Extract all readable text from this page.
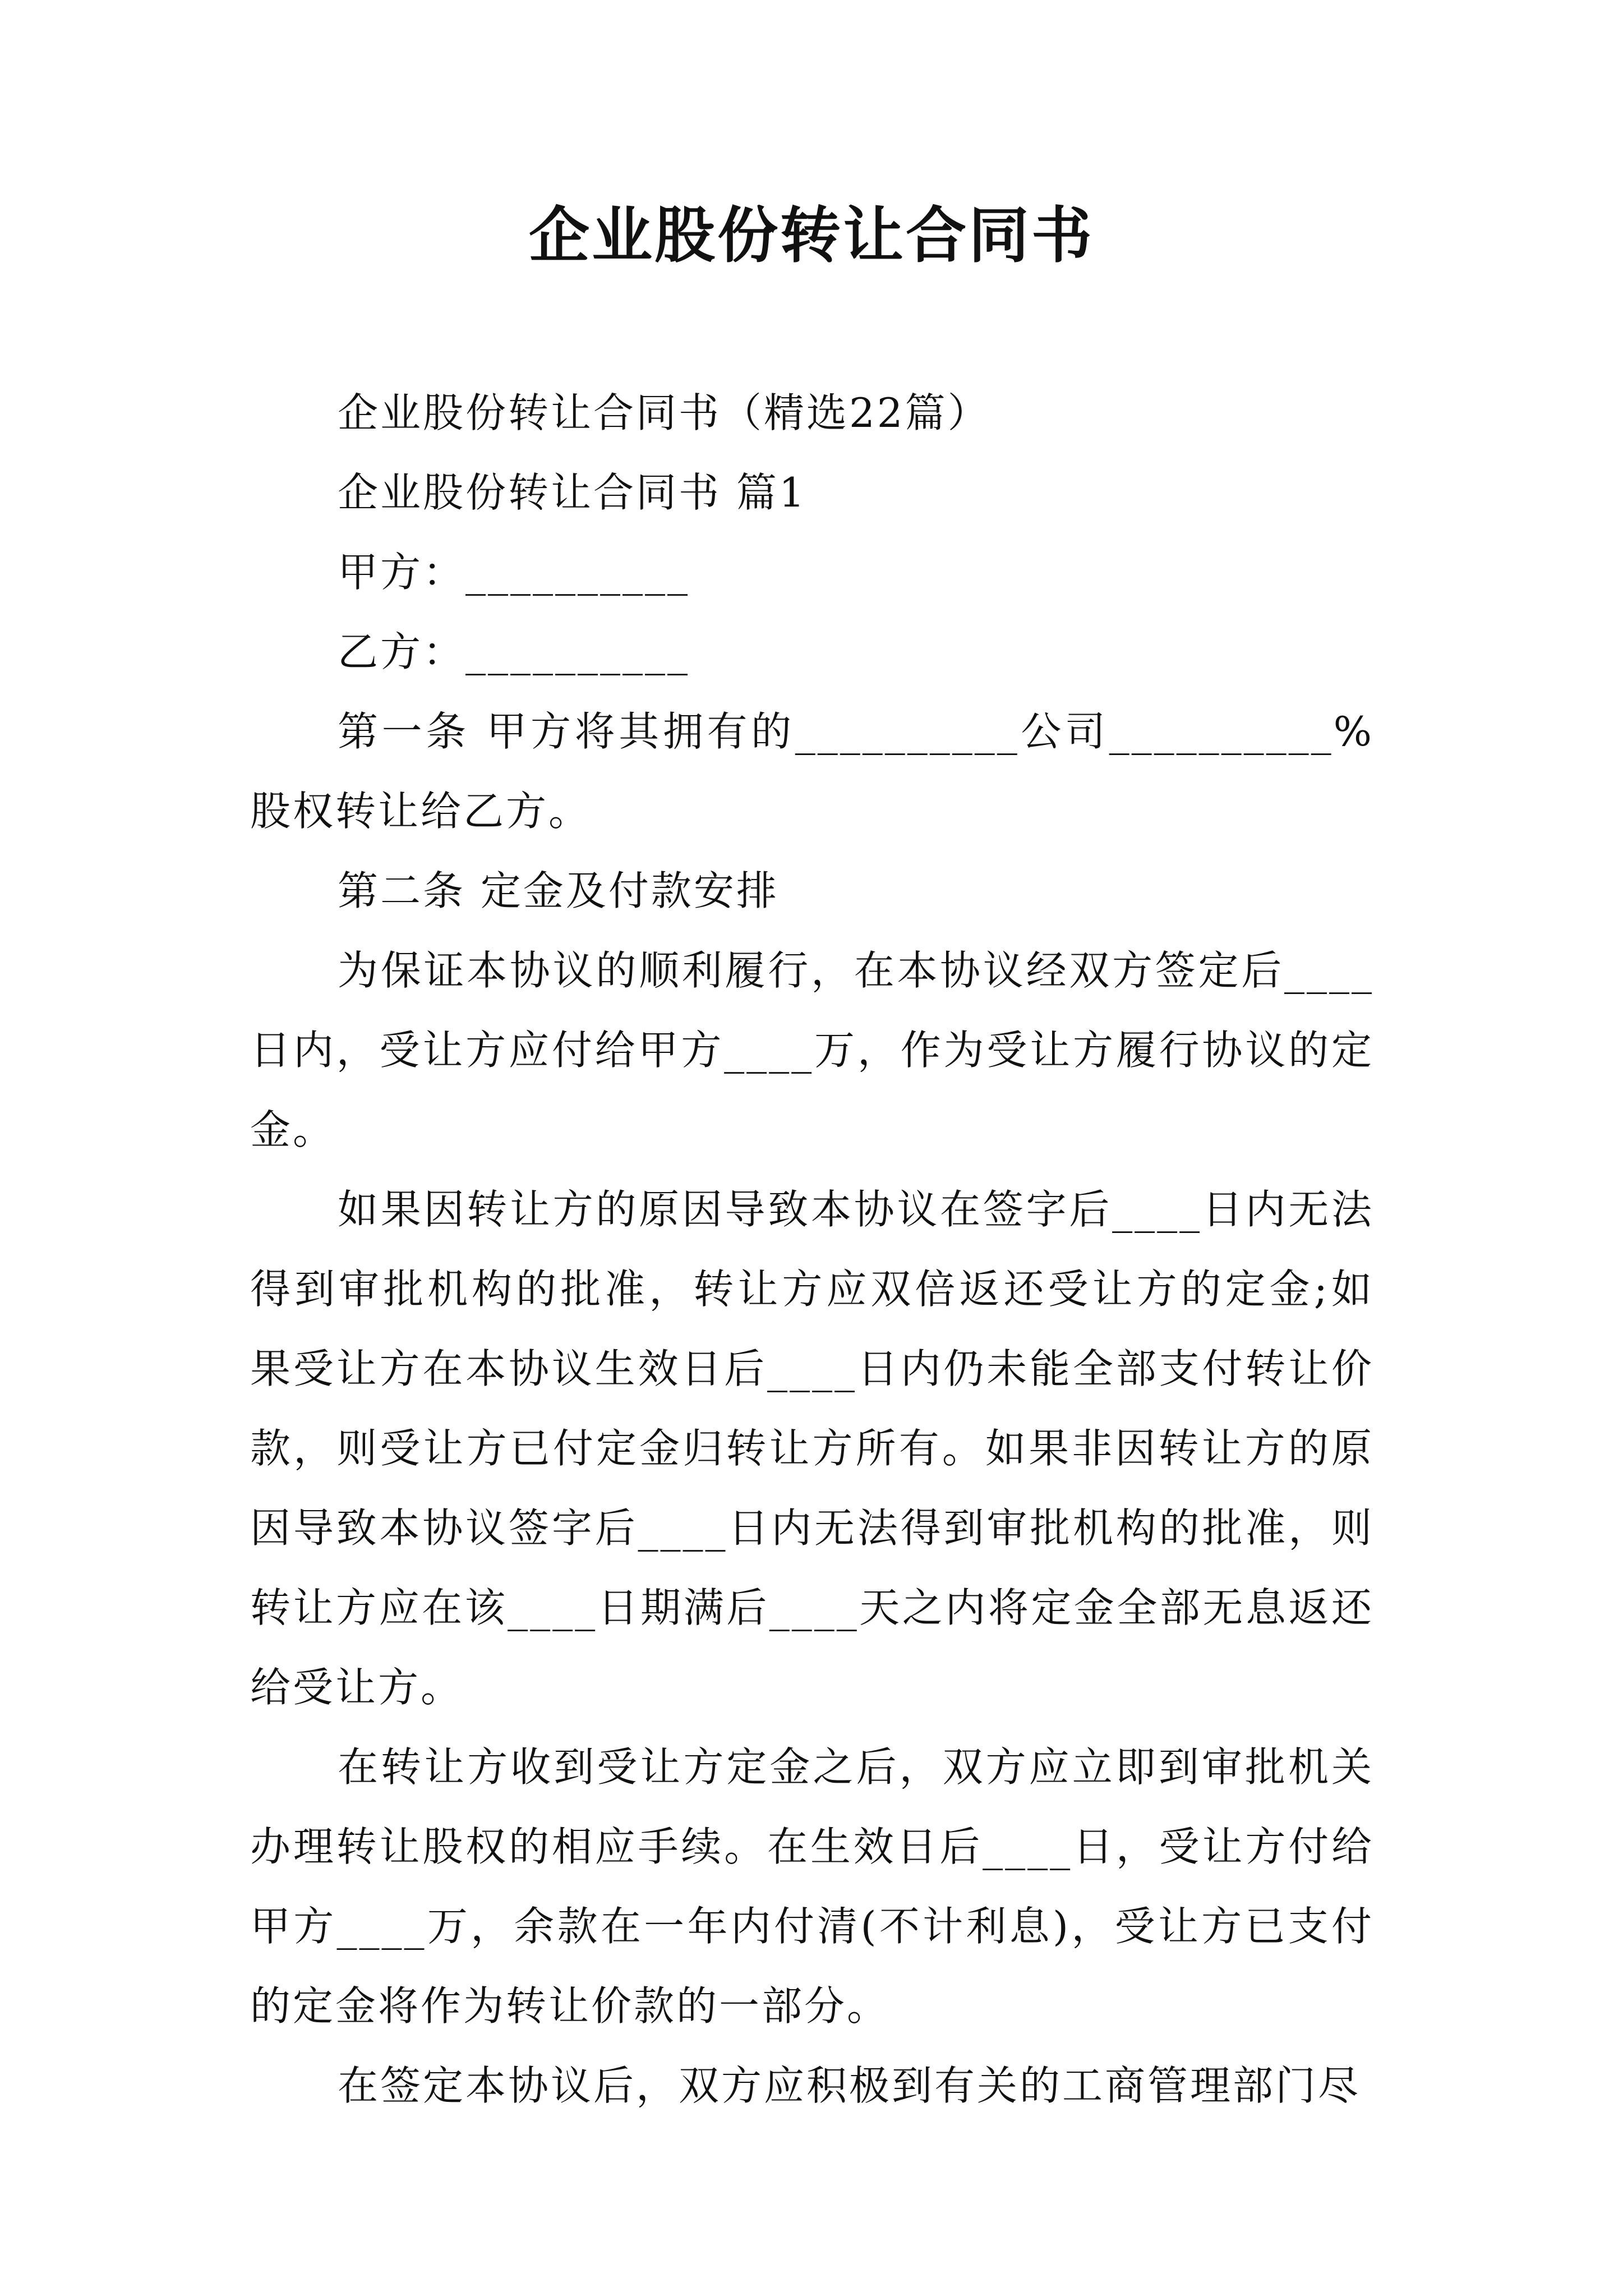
企业股份转让合同书

企业股份转让合同书（精选22篇）

企业股份转让合同书 篇1

甲方：__________

乙方：__________

第一条 甲方将其拥有的__________公司__________%股权转让给乙方。

第二条 定金及付款安排

为保证本协议的顺利履行，在本协议经双方签定后____日内，受让方应付给甲方____万，作为受让方履行协议的定金。

如果因转让方的原因导致本协议在签字后____日内无法得到审批机构的批准，转让方应双倍返还受让方的定金;如果受让方在本协议生效日后____日内仍未能全部支付转让价款，则受让方已付定金归转让方所有。如果非因转让方的原因导致本协议签字后____日内无法得到审批机构的批准，则转让方应在该____日期满后____天之内将定金全部无息返还给受让方。

在转让方收到受让方定金之后，双方应立即到审批机关办理转让股权的相应手续。在生效日后____日，受让方付给甲方____万，余款在一年内付清(不计利息)，受让方已支付的定金将作为转让价款的一部分。

在签定本协议后，双方应积极到有关的工商管理部门尽
